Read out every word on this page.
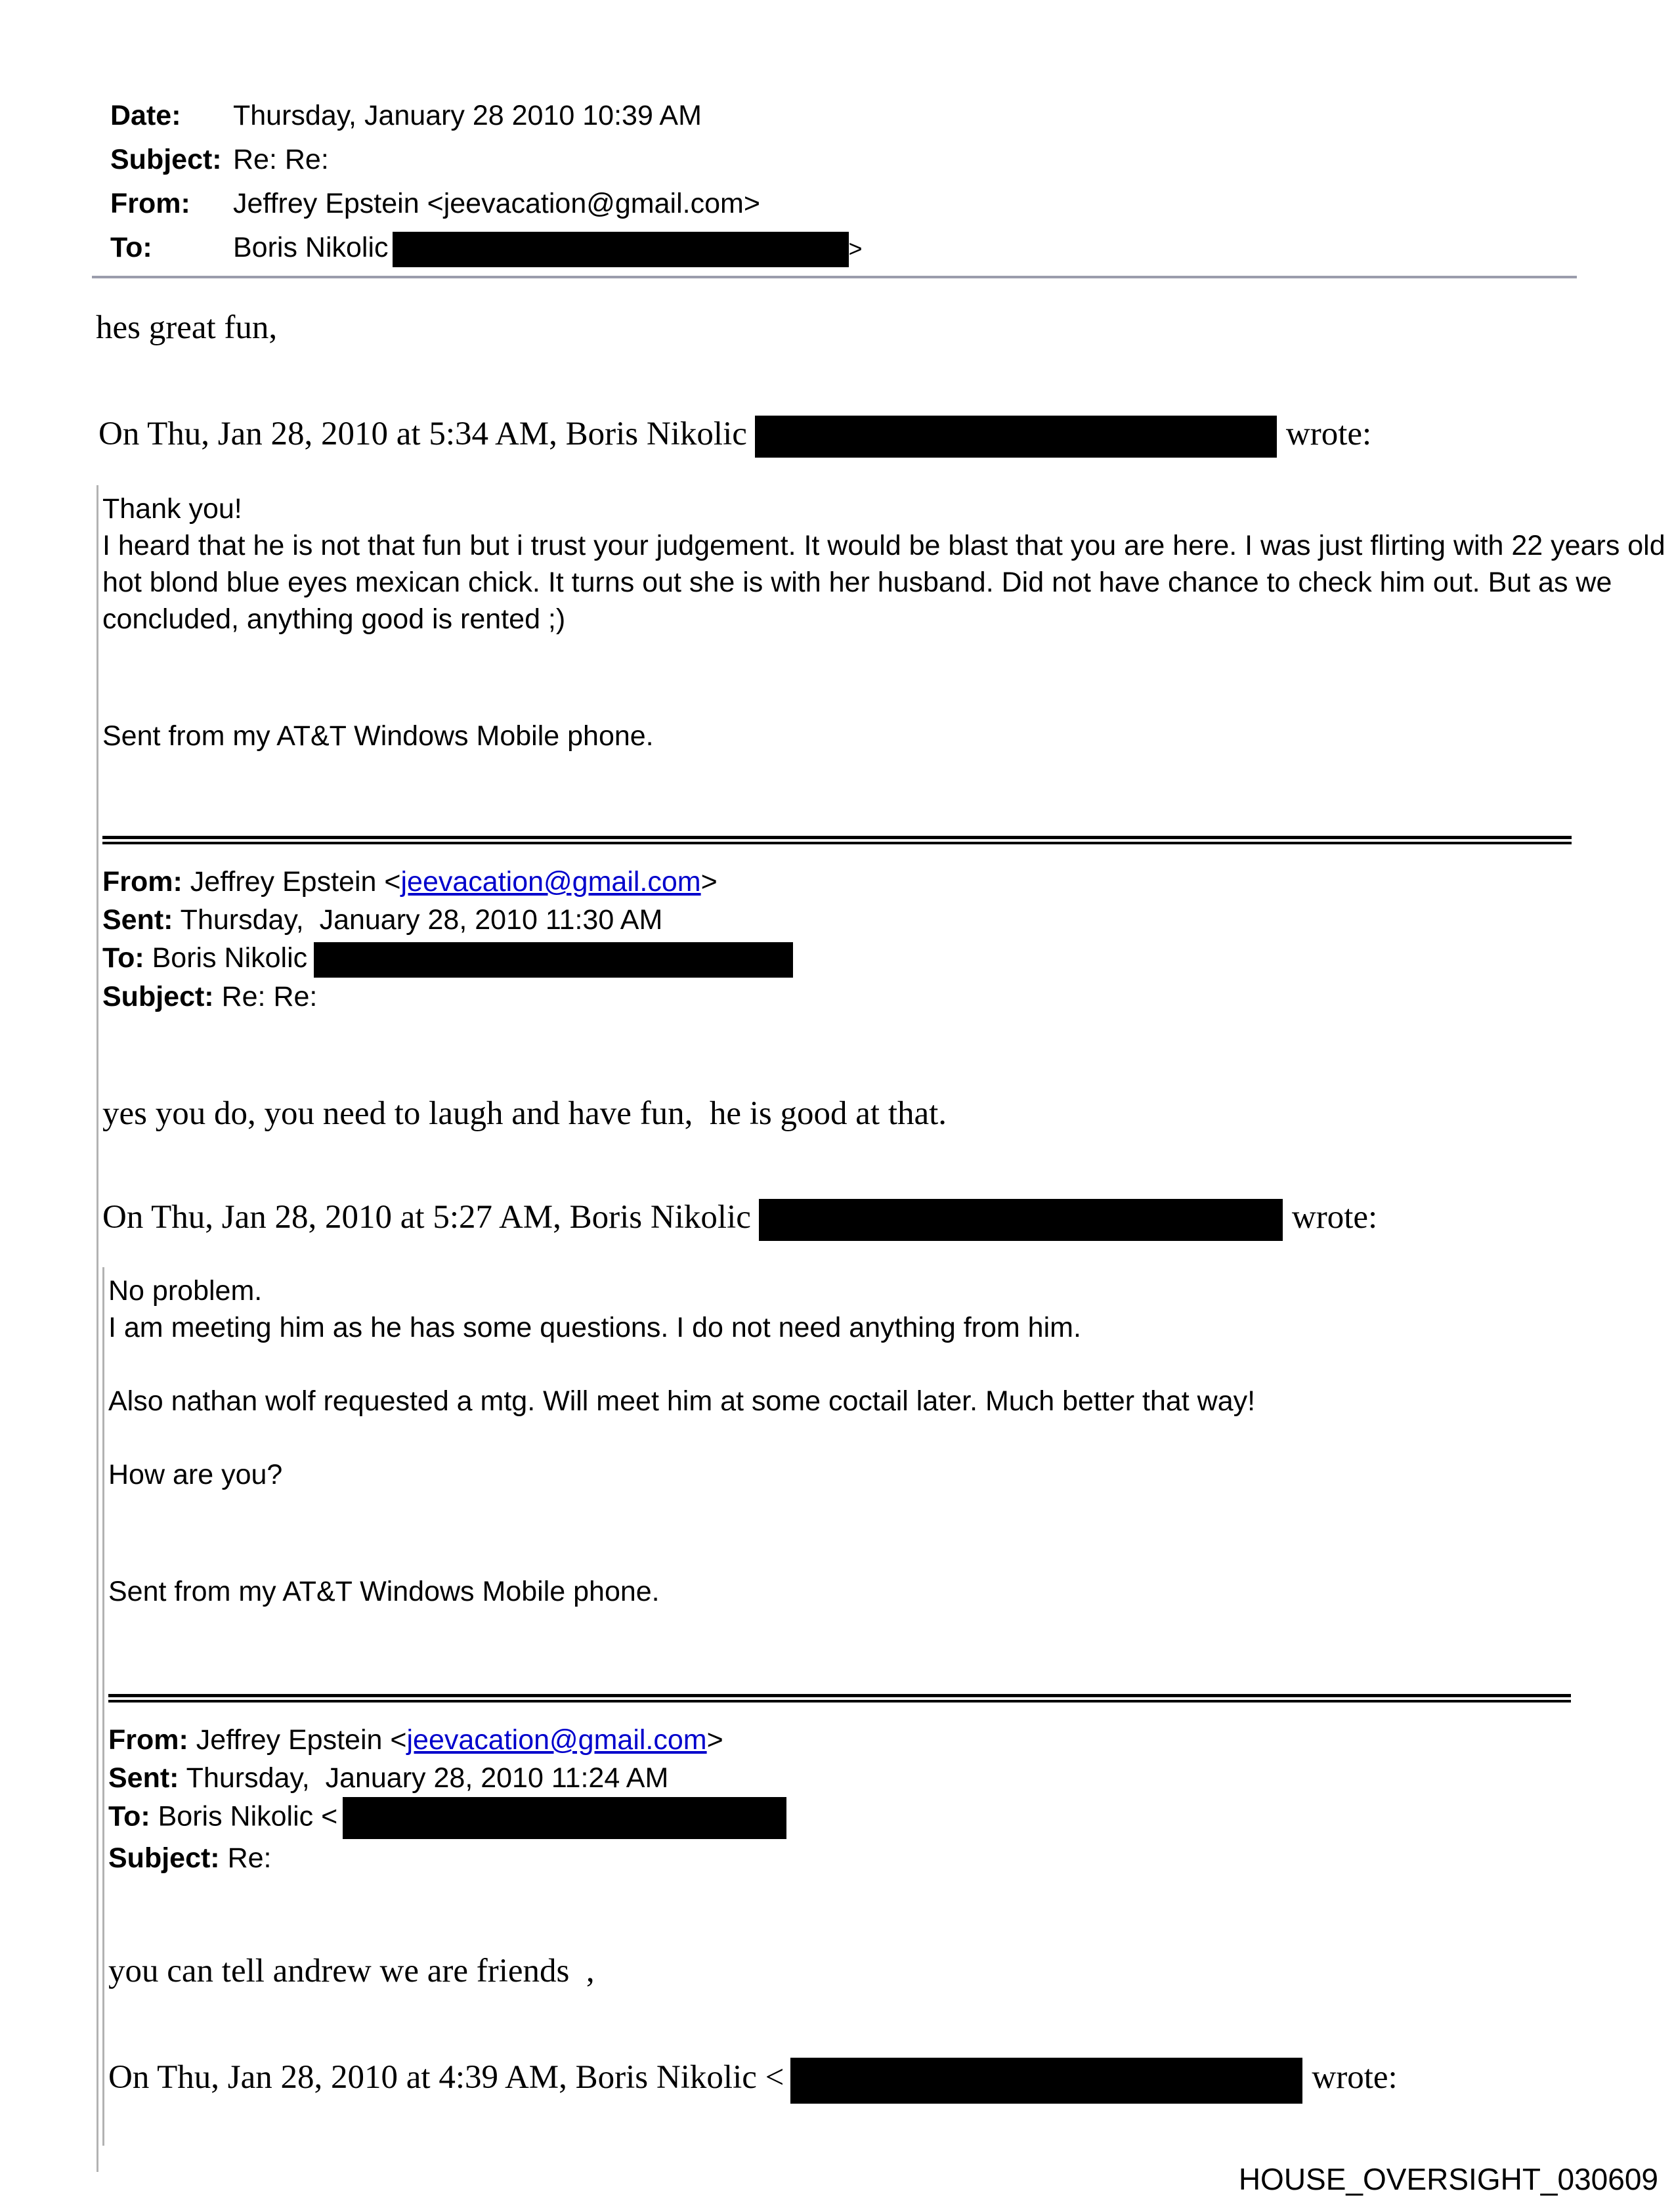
Date:	Thursday, January 28 2010 10:39 AM
Subject: Re: Re:
From:	Jeffrey Epstein <jeevacation@gmail.com>
To:	Boris Nikolic	>
hes great fun,
On Thu, Jan 28, 2010 at 5:34 AM, Boris Nikolic	wrote:
Thank you!
I heard that he is not that fun but i trust your judgement. It would be blast that you are here. I was just flirting with 22 years old
hot blond blue eyes mexican chick. It turns out she is with her husband. Did not have chance to check him out. But as we
concluded, anything good is rented ;)
Sent from my AT&T Windows Mobile phone.
From: Jeffrey Epstein <jeevacation@gmail.com>
Sent: Thursday,  January 28, 2010 11:30 AM
To: Boris Nikolic
Subject: Re: Re:
yes you do, you need to laugh and have fun,  he is good at that.
On Thu, Jan 28, 2010 at 5:27 AM, Boris Nikolic	wrote:
No problem.
I am meeting him as he has some questions. I do not need anything from him.
Also nathan wolf requested a mtg. Will meet him at some coctail later. Much better that way!
How are you?
Sent from my AT&T Windows Mobile phone.
From: Jeffrey Epstein <jeevacation@gmail.com>
Sent: Thursday,  January 28, 2010 11:24 AM
To: Boris Nikolic <
Subject: Re:
you can tell andrew we are friends  ,
On Thu, Jan 28, 2010 at 4:39 AM, Boris Nikolic <	wrote:
HOUSE_OVERSIGHT_030609
